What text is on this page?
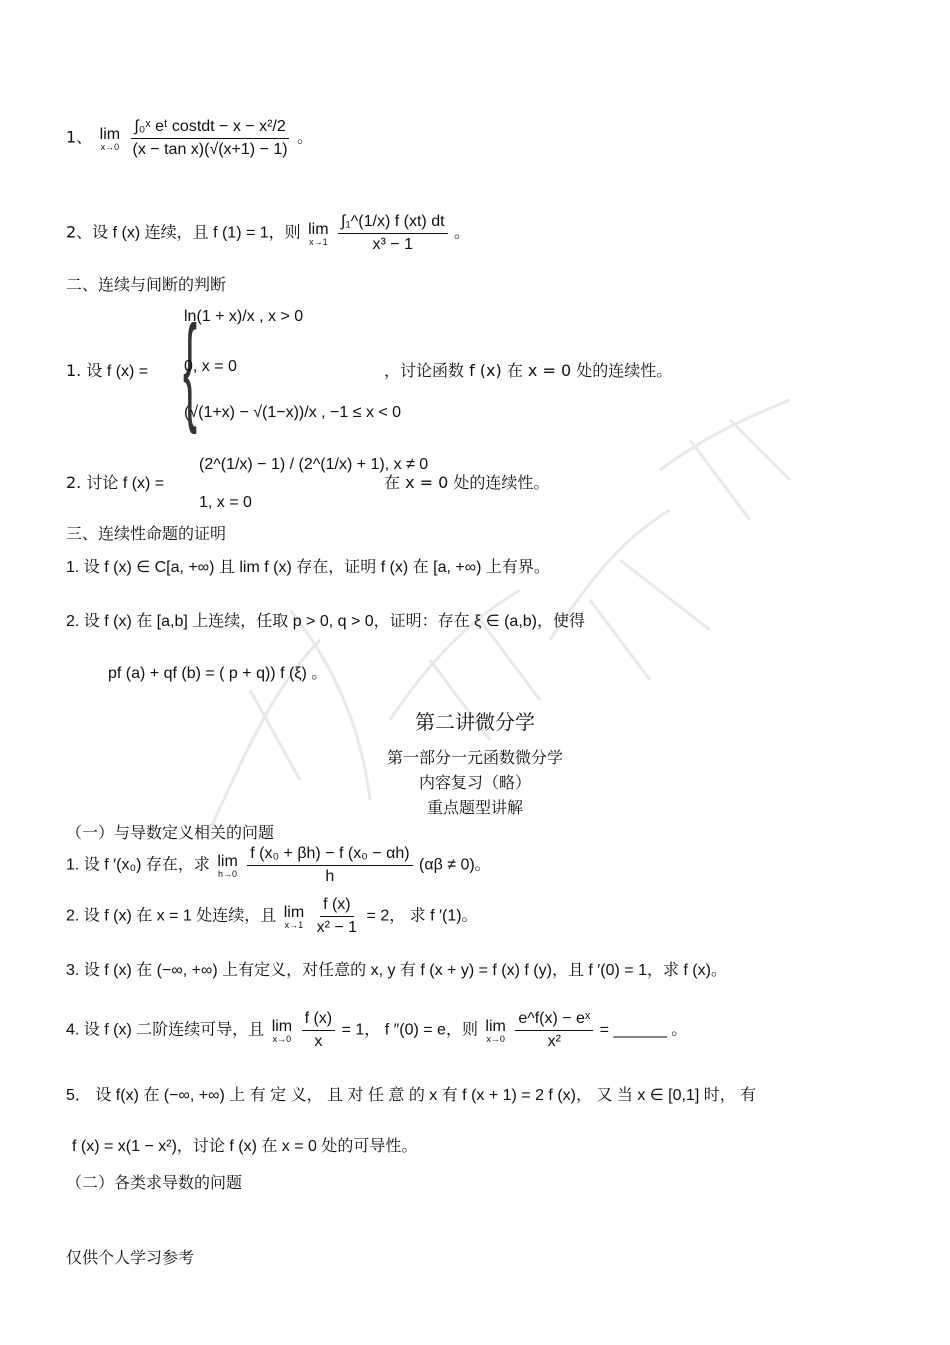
1、 lim
x→0
$\frac{\text{∫₀ˣ eᵗ costdt − x − x²/2}}{\text{(x − tan x)(√(x+1) − 1)}}$ 。
2、设 f (x) 连续，且 f (1) = 1，则 lim
x→1
$\frac{\text{∫₁\textasciicircum{}(1/x) f (xt) dt}}{\text{x³ − 1}}$ 。
二、连续与间断的判断
1. 设 f (x) = {
ln(1 + x)/x , x > 0
0, x = 0
(√(1+x) − √(1−x))/x , −1 ≤ x < 0
，讨论函数 f (x) 在 x = 0 处的连续性。
2. 讨论 f (x) =
(2^(1/x) − 1) / (2^(1/x) + 1), x ≠ 0
1, x = 0
在 x = 0 处的连续性。
三、连续性命题的证明
1. 设 f (x) ∈ C[a, +∞) 且 lim f (x) 存在，证明 f (x) 在 [a, +∞) 上有界。
2. 设 f (x) 在 [a,b] 上连续，任取 p > 0, q > 0，证明：存在 ξ ∈ (a,b)，使得
pf (a) + qf (b) = ( p + q)) f (ξ) 。
第二讲微分学
第一部分一元函数微分学
内容复习（略）
重点题型讲解
（一）与导数定义相关的问题
1. 设 f ′(x₀) 存在，求 lim
h→0
$\frac{\text{f (x₀ + βh) − f (x₀ − αh)}}{h} (\alpha\beta \ne 0)$。
2. 设 f (x) 在 x = 1 处连续，且 lim
x→1
$\frac{f (x)}{\text{x² − 1}} = 2$， 求 f ′(1)。
3. 设 f (x) 在 (−∞, +∞) 上有定义，对任意的 x, y 有 f (x + y) = f (x) f (y)，且 f ′(0) = 1，求 f (x)。
4. 设 f (x) 二阶连续可导，且 lim
x→0
$\frac{f (x)}{x} = 1$， f ″(0) = e，则 lim
x→0
$\frac{\text{e\textasciicircum{}f(x) − eˣ}}{\text{x²}}$ = ______ 。
5． 设 f(x) 在 (−∞, +∞) 上 有 定 义， 且 对 任 意 的 x 有 f (x + 1) = 2 f (x)， 又 当 x ∈ [0,1] 时， 有
f (x) = x(1 − x²)，讨论 f (x) 在 x = 0 处的可导性。
（二）各类求导数的问题
仅供个人学习参考
